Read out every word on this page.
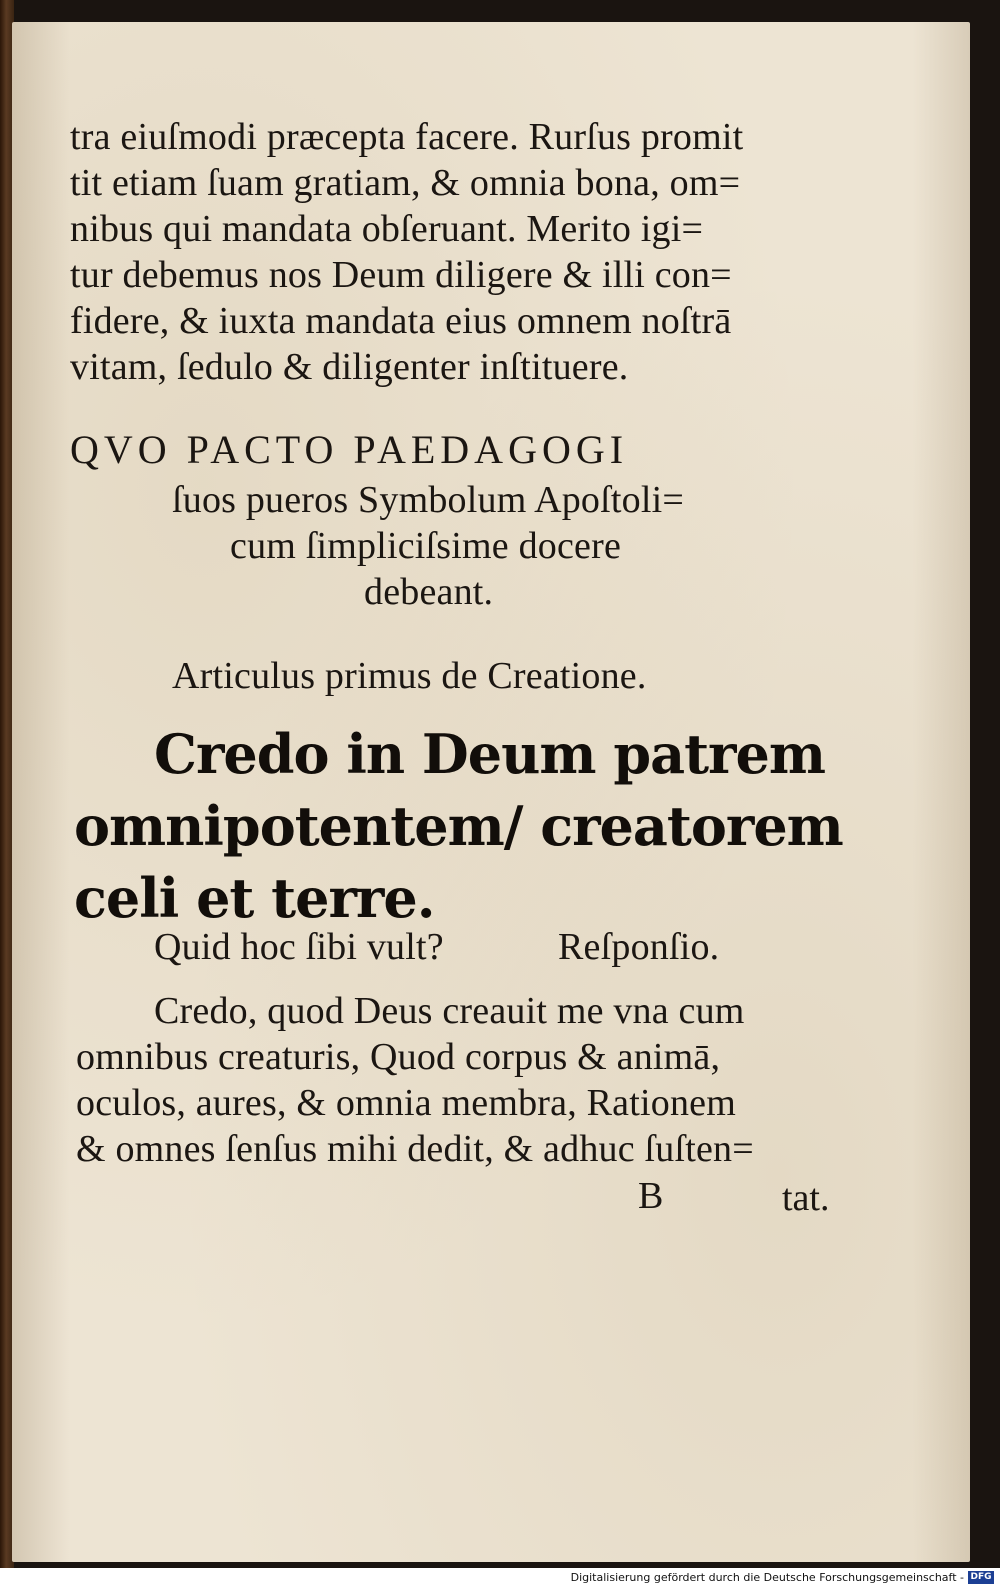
tra eiuſmodi præcepta facere. Rurſus promit

tit etiam ſuam gratiam, & omnia bona, om=

nibus qui mandata obſeruant. Merito igi=

tur debemus nos Deum diligere & illi con=

fidere, & iuxta mandata eius omnem noſtrā

vitam, ſedulo & diligenter inſtituere.

QVO PACTO PAEDAGOGI

ſuos pueros Symbolum Apoſtoli=

cum ſimpliciſsime docere

debeant.

Articulus primus de Creatione.

Credo in Deum patrem

omnipotentem/ creatorem

celi et terre.

Quid hoc ſibi vult?	Reſponſio.

Credo, quod Deus creauit me vna cum

omnibus creaturis, Quod corpus & animā,

oculos, aures, & omnia membra, Rationem

& omnes ſenſus mihi dedit, & adhuc ſuſten=

B	tat.
Digitalisierung gefördert durch die Deutsche Forschungsgemeinschaft - DFG
